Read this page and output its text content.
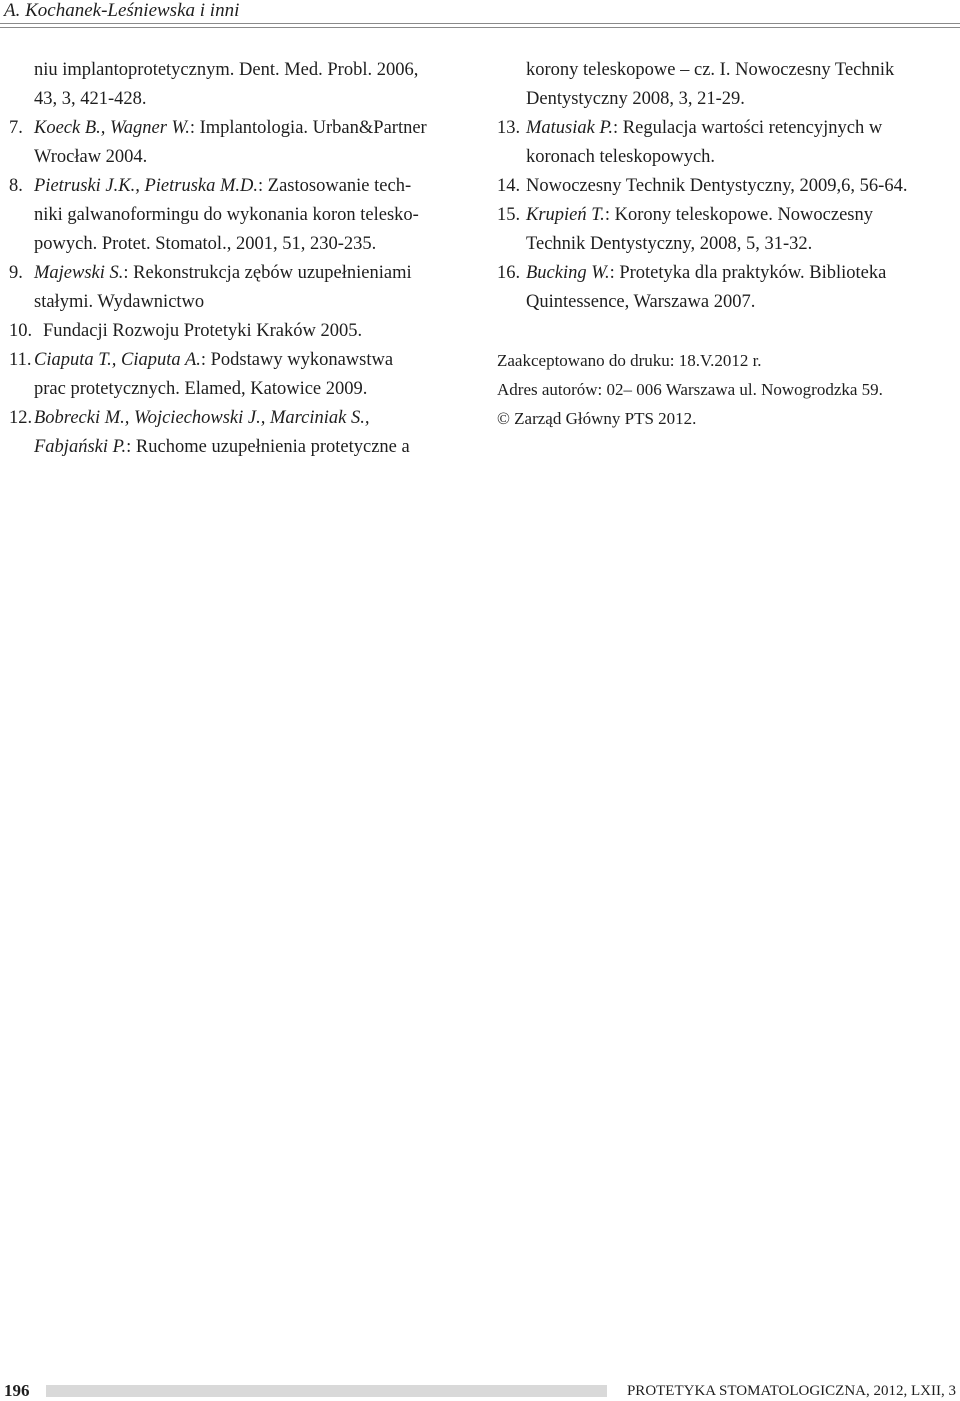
A. Kochanek-Leśniewska i inni
niu implantoprotetycznym. Dent. Med. Probl. 2006,
43, 3, 421-428.
7. Koeck B., Wagner W.: Implantologia. Urban&Partner
Wrocław 2004.
8. Pietruski J.K., Pietruska M.D.: Zastosowanie tech-
niki galwanoformingu do wykonania koron telesko-
powych. Protet. Stomatol., 2001, 51, 230-235.
9. Majewski S.: Rekonstrukcja zębów uzupełnieniami
stałymi. Wydawnictwo
10. Fundacji Rozwoju Protetyki Kraków 2005.
11. Ciaputa T., Ciaputa A.: Podstawy wykonawstwa
prac protetycznych. Elamed, Katowice 2009.
12. Bobrecki M., Wojciechowski J., Marciniak S.,
Fabjański P.: Ruchome uzupełnienia protetyczne a
korony teleskopowe – cz. I. Nowoczesny Technik
Dentystyczny 2008, 3, 21-29.
13. Matusiak P.: Regulacja wartości retencyjnych w
koronach teleskopowych.
14. Nowoczesny Technik Dentystyczny, 2009,6, 56-64.
15. Krupień T.: Korony teleskopowe. Nowoczesny
Technik Dentystyczny, 2008, 5, 31-32.
16. Bucking W.: Protetyka dla praktyków. Biblioteka
Quintessence, Warszawa 2007.
Zaakceptowano do druku: 18.V.2012 r.
Adres autorów: 02– 006 Warszawa ul. Nowogrodzka 59.
© Zarząd Główny PTS 2012.
196	PROTETYKA STOMATOLOGICZNA, 2012, LXII, 3
